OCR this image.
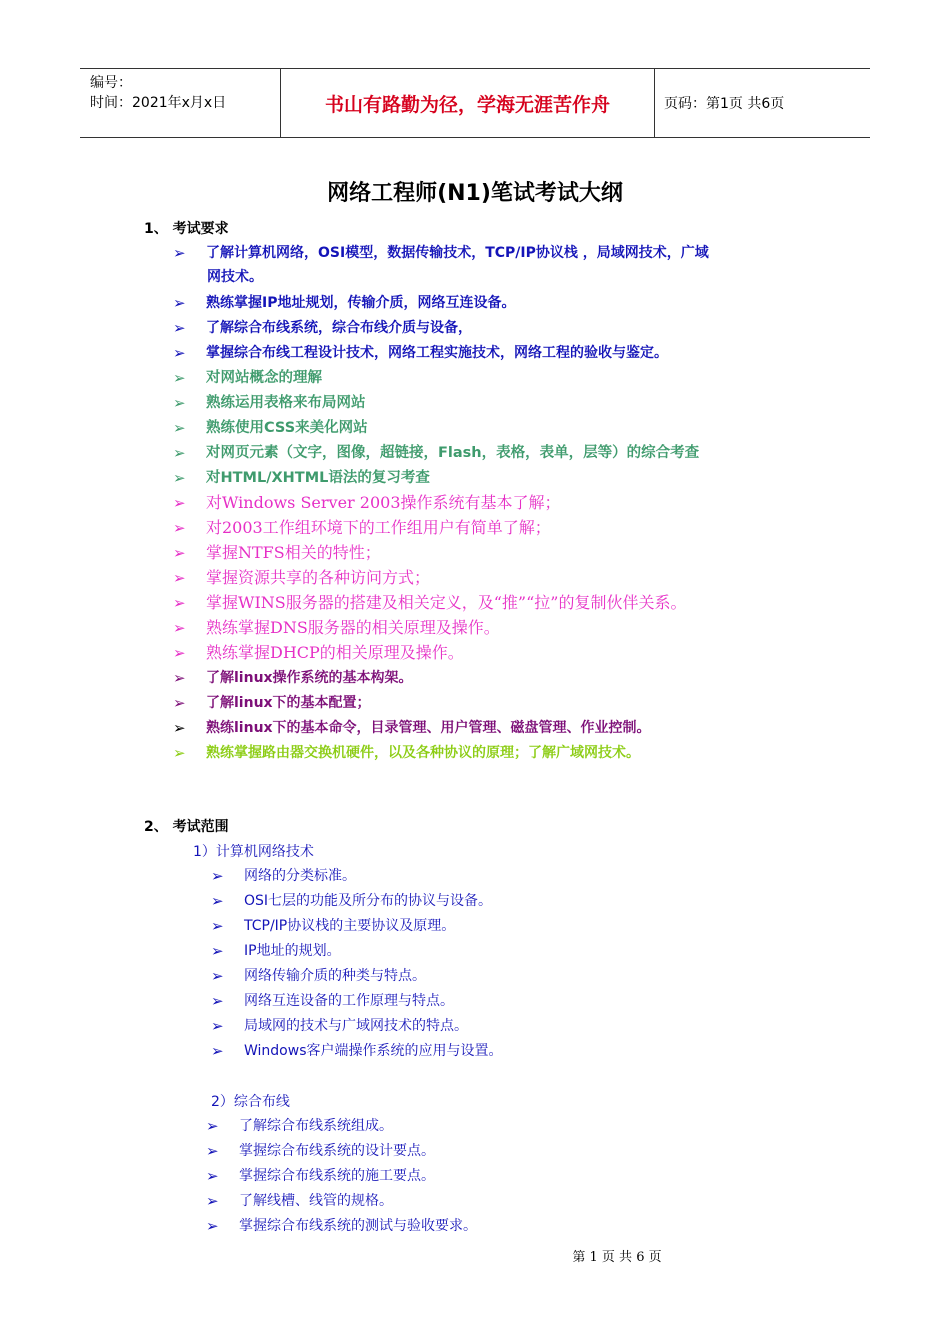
编号：
时间：2021年x月x日	书山有路勤为径，学海无涯苦作舟	页码：第1页 共6页
网络工程师(N1)笔试考试大纲
1、 考试要求
➢ 了解计算机网络，OSI模型，数据传输技术，TCP/IP协议栈 ，局域网技术，广域
➢ 熟练掌握IP地址规划，传输介质，网络互连设备。
➢ 了解综合布线系统，综合布线介质与设备，
➢ 掌握综合布线工程设计技术，网络工程实施技术，网络工程的验收与鉴定。
➢ 对网站概念的理解
➢ 熟练运用表格来布局网站
➢ 熟练使用CSS来美化网站
➢ 对网页元素（文字，图像，超链接，Flash，表格，表单，层等）的综合考查
➢ 对HTML/XHTML语法的复习考查
➢ 对Windows Server 2003操作系统有基本了解；
➢ 对2003工作组环境下的工作组用户有简单了解；
➢ 掌握NTFS相关的特性；
➢ 掌握资源共享的各种访问方式；
➢ 掌握WINS服务器的搭建及相关定义，及“推”“拉”的复制伙伴关系。
➢ 熟练掌握DNS服务器的相关原理及操作。
➢ 熟练掌握DHCP的相关原理及操作。
➢ 了解linux操作系统的基本构架。
➢ 了解linux下的基本配置；
➢ 熟练linux下的基本命令，目录管理、用户管理、磁盘管理、作业控制。
➢ 熟练掌握路由器交换机硬件，以及各种协议的原理；了解广域网技术。
网技术。
2、 考试范围
1）计算机网络技术
➢ 网络的分类标准。
➢ OSI七层的功能及所分布的协议与设备。
➢ TCP/IP协议栈的主要协议及原理。
➢ IP地址的规划。
➢ 网络传输介质的种类与特点。
➢ 网络互连设备的工作原理与特点。
➢ 局域网的技术与广域网技术的特点。
➢ Windows客户端操作系统的应用与设置。
2）综合布线
➢ 了解综合布线系统组成。
➢ 掌握综合布线系统的设计要点。
➢ 掌握综合布线系统的施工要点。
➢ 了解线槽、线管的规格。
➢ 掌握综合布线系统的测试与验收要求。
第 1 页 共 6 页
